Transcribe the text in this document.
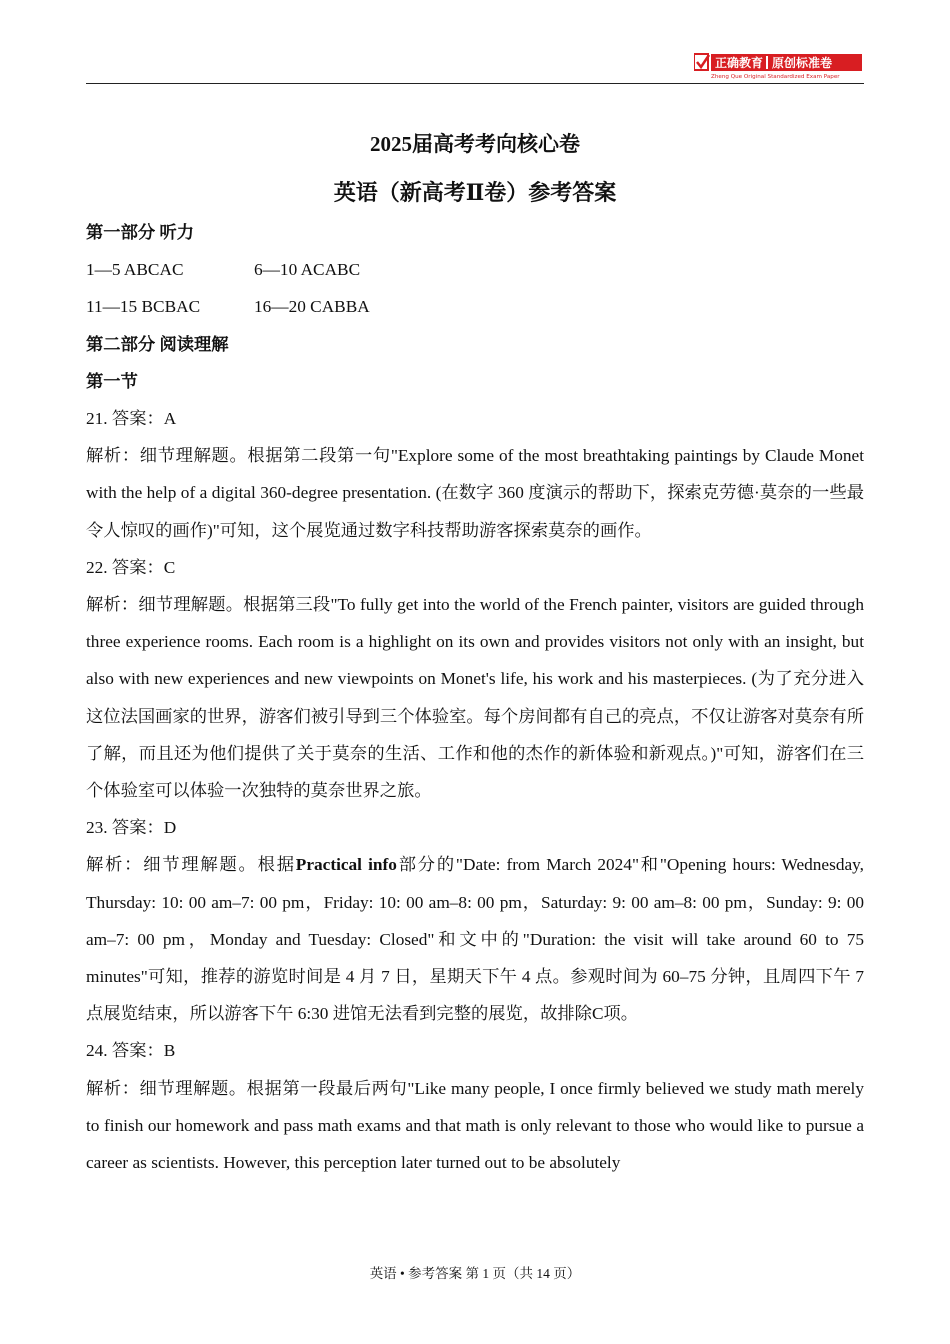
正确教育 原创标准卷
Zheng Que Original Standardized Exam Paper
2025届高考考向核心卷
英语（新高考Ⅱ卷）参考答案

第一部分 听力

1—5 ABCAC	6—10 ACABC

11—15 BCBAC	16—20 CABBA

第二部分 阅读理解

第一节

21. 答案：A

解析：细节理解题。根据第二段第一句"Explore some of the most breathtaking paintings by Claude Monet with the help of a digital 360-degree presentation. (在数字 360 度演示的帮助下，探索克劳德·莫奈的一些最令人惊叹的画作)"可知，这个展览通过数字科技帮助游客探索莫奈的画作。

22. 答案：C

解析：细节理解题。根据第三段"To fully get into the world of the French painter, visitors are guided through three experience rooms. Each room is a highlight on its own and provides visitors not only with an insight, but also with new experiences and new viewpoints on Monet's life, his work and his masterpieces. (为了充分进入这位法国画家的世界，游客们被引导到三个体验室。每个房间都有自己的亮点，不仅让游客对莫奈有所了解，而且还为他们提供了关于莫奈的生活、工作和他的杰作的新体验和新观点。)"可知，游客们在三个体验室可以体验一次独特的莫奈世界之旅。

23. 答案：D

解析：细节理解题。根据Practical info部分的"Date: from March 2024"和"Opening hours: Wednesday, Thursday: 10: 00 am–7: 00 pm，Friday: 10: 00 am–8: 00 pm，Saturday: 9: 00 am–8: 00 pm，Sunday: 9: 00 am–7: 00 pm，Monday and Tuesday: Closed"和文中的"Duration: the visit will take around 60 to 75 minutes"可知，推荐的游览时间是 4 月 7 日，星期天下午 4 点。参观时间为 60–75 分钟，且周四下午 7 点展览结束，所以游客下午 6:30 进馆无法看到完整的展览，故排除C项。

24. 答案：B

解析：细节理解题。根据第一段最后两句"Like many people, I once firmly believed we study math merely to finish our homework and pass math exams and that math is only relevant to those who would like to pursue a career as scientists. However, this perception later turned out to be absolutely

英语 • 参考答案 第 1 页（共 14 页）
